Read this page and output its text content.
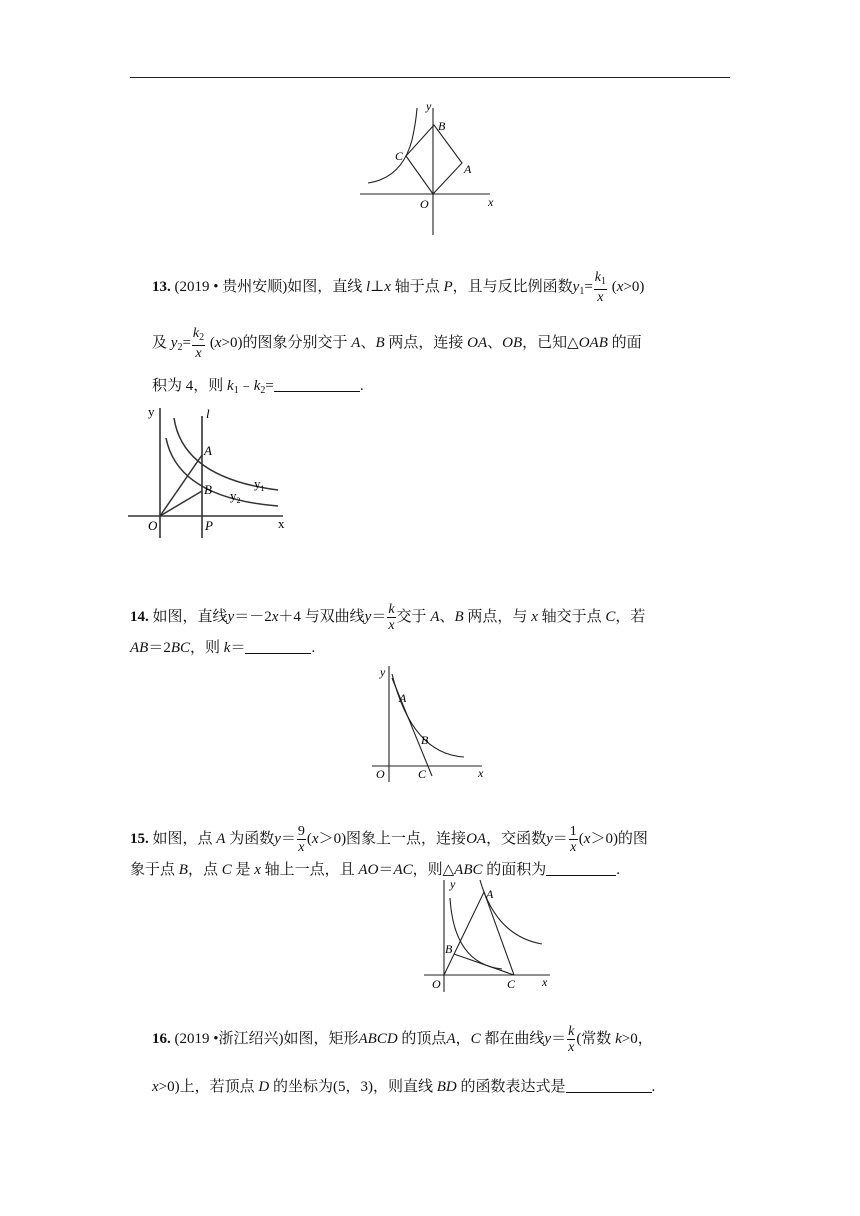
y
x
O
A
B
C
13. (2019 • 贵州安顺)如图，直线 l⊥x 轴于点 P，且与反比例函数$y_1= \frac{k_1}{x} (x>0)$
及 $y_2= \frac{k_2}{x} (x>0)$的图象分别交于 A、B 两点，连接 OA、OB，已知△OAB 的面
积为 4，则 $k_1﹣k_2=$	.
y
x
O	P
l
A
B	$y_1$
$y_2$
14. 如图，直线y＝－2x＋4 与双曲线$y= \frac{k}{x}$ 交于 A、B 两点，与 x 轴交于点 C，若
AB＝2BC，则 k＝	.
y
x
O
A
B
C
15. 如图，点 A 为函数$y= \frac{9}{x} (x>0)$图象上一点，连接OA，交函数$y= \frac{1}{x} (x>0)$的图
象于点 B，点 C 是 x 轴上一点，且 AO＝AC，则△ABC 的面积为	.
y
x
O
A
B
C
16. (2019 •浙江绍兴)如图，矩形ABCD 的顶点A，C 都在曲线$y= \frac{k}{x}$ (常数 k>0，
x>0)上，若顶点 D 的坐标为(5，3)，则直线 BD 的函数表达式是	.
